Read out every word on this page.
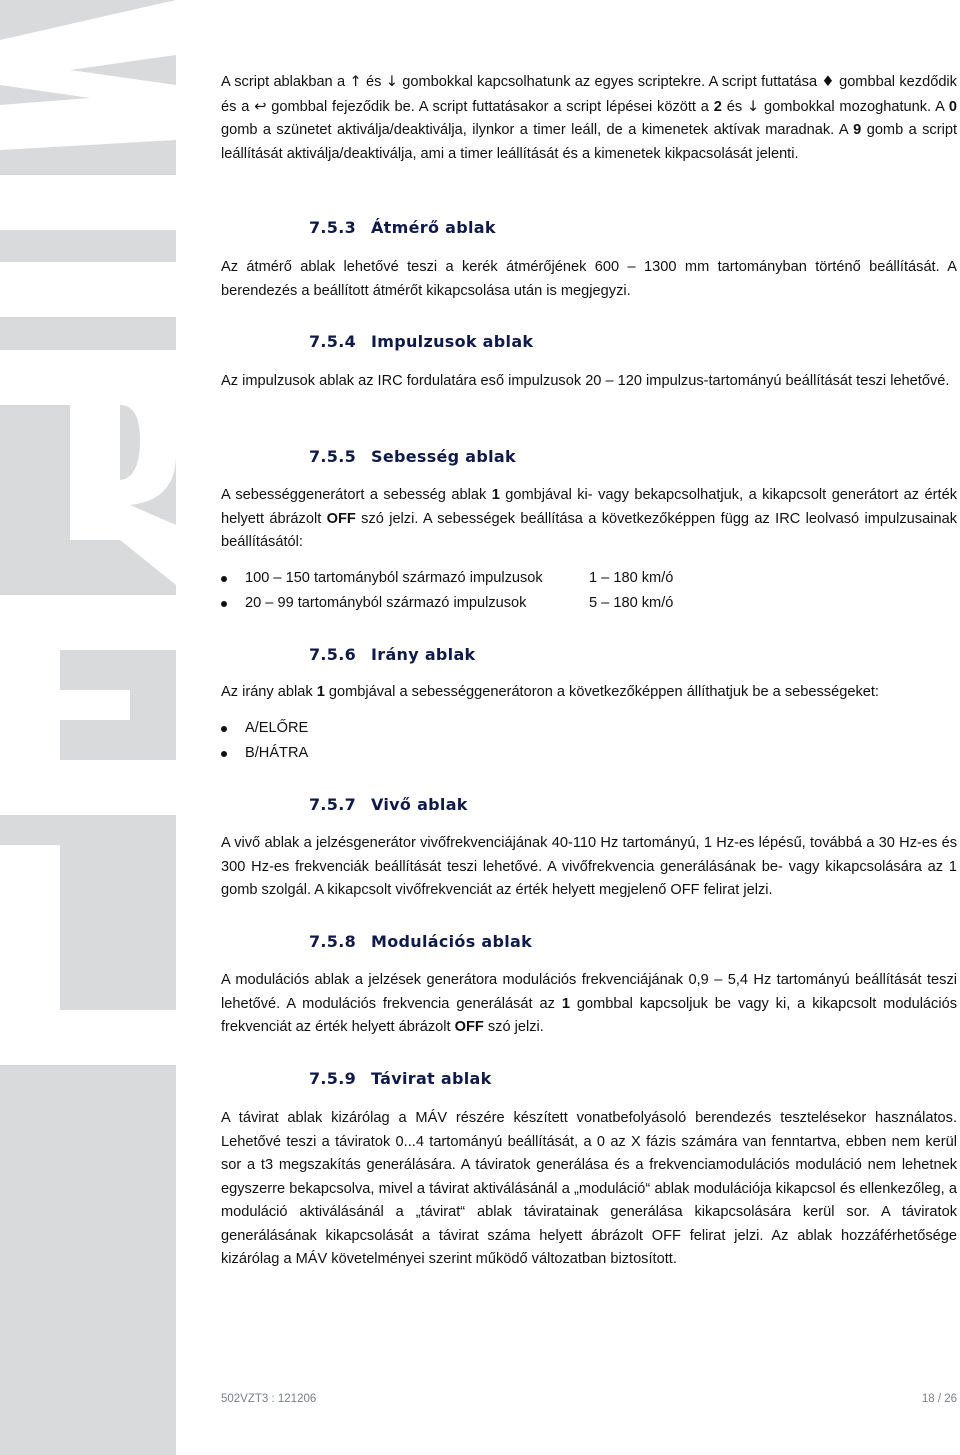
A script ablakban a ↑ és ↓ gombokkal kapcsolhatunk az egyes scriptekre. A script futtatása ♦ gombbal kezdődik és a ↩ gombbal fejeződik be. A script futtatásakor a script lépései között a 2 és ↓ gombokkal mozoghatunk. A 0 gomb a szünetet aktiválja/deaktiválja, ilynkor a timer leáll, de a kimenetek aktívak maradnak. A 9 gomb a script leállítását aktiválja/deaktiválja, ami a timer leállítását és a kimenetek kikpacsolását jelenti.

7.5.3 Átmérő ablak

Az átmérő ablak lehetővé teszi a kerék átmérőjének 600 – 1300 mm tartományban történő beállítását. A berendezés a beállított átmérőt kikapcsolása után is megjegyzi.

7.5.4 Impulzusok ablak

Az impulzusok ablak az IRC fordulatára eső impulzusok 20 – 120 impulzus-tartományú beállítását teszi lehetővé.

7.5.5 Sebesség ablak

A sebességgenerátort a sebesség ablak 1 gombjával ki- vagy bekapcsolhatjuk, a kikapcsolt generátort az érték helyett ábrázolt OFF szó jelzi. A sebességek beállítása a következőképpen függ az IRC leolvasó impulzusainak beállításától:

100 – 150 tartományból származó impulzusok	1 – 180 km/ó
20 – 99 tartományból származó impulzusok	5 – 180 km/ó
7.5.6 Irány ablak

Az irány ablak 1 gombjával a sebességgenerátoron a következőképpen állíthatjuk be a sebességeket:

A/ELŐRE
B/HÁTRA
7.5.7 Vivő ablak

A vivő ablak a jelzésgenerátor vivőfrekvenciájának 40-110 Hz tartományú, 1 Hz-es lépésű, továbbá a 30 Hz-es és 300 Hz-es frekvenciák beállítását teszi lehetővé. A vivőfrekvencia generálásának be- vagy kikapcsolására az 1 gomb szolgál. A kikapcsolt vivőfrekvenciát az érték helyett megjelenő OFF felirat jelzi.

7.5.8 Modulációs ablak

A modulációs ablak a jelzések generátora modulációs frekvenciájának 0,9 – 5,4 Hz tartományú beállítását teszi lehetővé. A modulációs frekvencia generálását az 1 gombbal kapcsoljuk be vagy ki, a kikapcsolt modulációs frekvenciát az érték helyett ábrázolt OFF szó jelzi.

7.5.9 Távirat ablak

A távirat ablak kizárólag a MÁV részére készített vonatbefolyásoló berendezés tesztelésekor használatos. Lehetővé teszi a táviratok 0...4 tartományú beállítását, a 0 az X fázis számára van fenntartva, ebben nem kerül sor a t3 megszakítás generálására. A táviratok generálása és a frekvenciamodulációs moduláció nem lehetnek egyszerre bekapcsolva, mivel a távirat aktiválásánál a „moduláció“ ablak modulációja kikapcsol és ellenkezőleg, a moduláció aktiválásánál a „távirat“ ablak táviratainak generálása kikapcsolására kerül sor. A táviratok generálásának kikapcsolását a távirat száma helyett ábrázolt OFF felirat jelzi. Az ablak hozzáférhetősége kizárólag a MÁV követelményei szerint működő változatban biztosított.

502VZT3 : 121206	18 / 26
